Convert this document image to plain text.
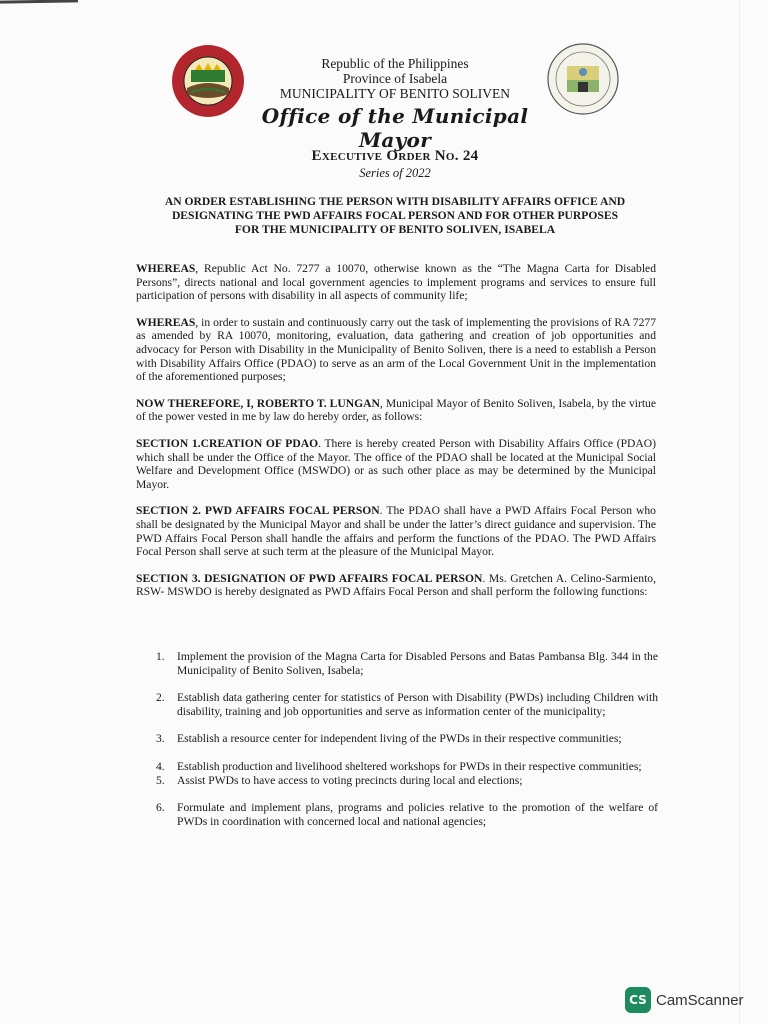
Republic of the Philippines
Province of Isabela
MUNICIPALITY OF BENITO SOLIVEN
Office of the Municipal Mayor
Executive Order No. 24
Series of 2022
AN ORDER ESTABLISHING THE PERSON WITH DISABILITY AFFAIRS OFFICE AND
DESIGNATING THE PWD AFFAIRS FOCAL PERSON AND FOR OTHER PURPOSES
FOR THE MUNICIPALITY OF BENITO SOLIVEN, ISABELA

WHEREAS, Republic Act No. 7277 a 10070, otherwise known as the “The Magna Carta for Disabled Persons”, directs national and local government agencies to implement programs and services to ensure full participation of persons with disability in all aspects of community life;

WHEREAS, in order to sustain and continuously carry out the task of implementing the provisions of RA 7277 as amended by RA 10070, monitoring, evaluation, data gathering and creation of job opportunities and advocacy for Person with Disability in the Municipality of Benito Soliven, there is a need to establish a Person with Disability Affairs Office (PDAO) to serve as an arm of the Local Government Unit in the implementation of the aforementioned purposes;

NOW THEREFORE, I, ROBERTO T. LUNGAN, Municipal Mayor of Benito Soliven, Isabela, by the virtue of the power vested in me by law do hereby order, as follows:

SECTION 1.CREATION OF PDAO. There is hereby created Person with Disability Affairs Office (PDAO) which shall be under the Office of the Mayor. The office of the PDAO shall be located at the Municipal Social Welfare and Development Office (MSWDO) or as such other place as may be determined by the Municipal Mayor.

SECTION 2. PWD AFFAIRS FOCAL PERSON. The PDAO shall have a PWD Affairs Focal Person who shall be designated by the Municipal Mayor and shall be under the latter’s direct guidance and supervision. The PWD Affairs Focal Person shall handle the affairs and perform the functions of the PDAO. The PWD Affairs Focal Person shall serve at such term at the pleasure of the Municipal Mayor.

SECTION 3. DESIGNATION OF PWD AFFAIRS FOCAL PERSON. Ms. Gretchen A. Celino-Sarmiento, RSW- MSWDO is hereby designated as PWD Affairs Focal Person and shall perform the following functions:

1. Implement the provision of the Magna Carta for Disabled Persons and Batas Pambansa Blg. 344 in the Municipality of Benito Soliven, Isabela;
2. Establish data gathering center for statistics of Person with Disability (PWDs) including Children with disability, training and job opportunities and serve as information center of the municipality;
3. Establish a resource center for independent living of the PWDs in their respective communities;
4. Establish production and livelihood sheltered workshops for PWDs in their respective communities;
5. Assist PWDs to have access to voting precincts during local and elections;
6. Formulate and implement plans, programs and policies relative to the promotion of the welfare of PWDs in coordination with concerned local and national agencies;
CS CamScanner
